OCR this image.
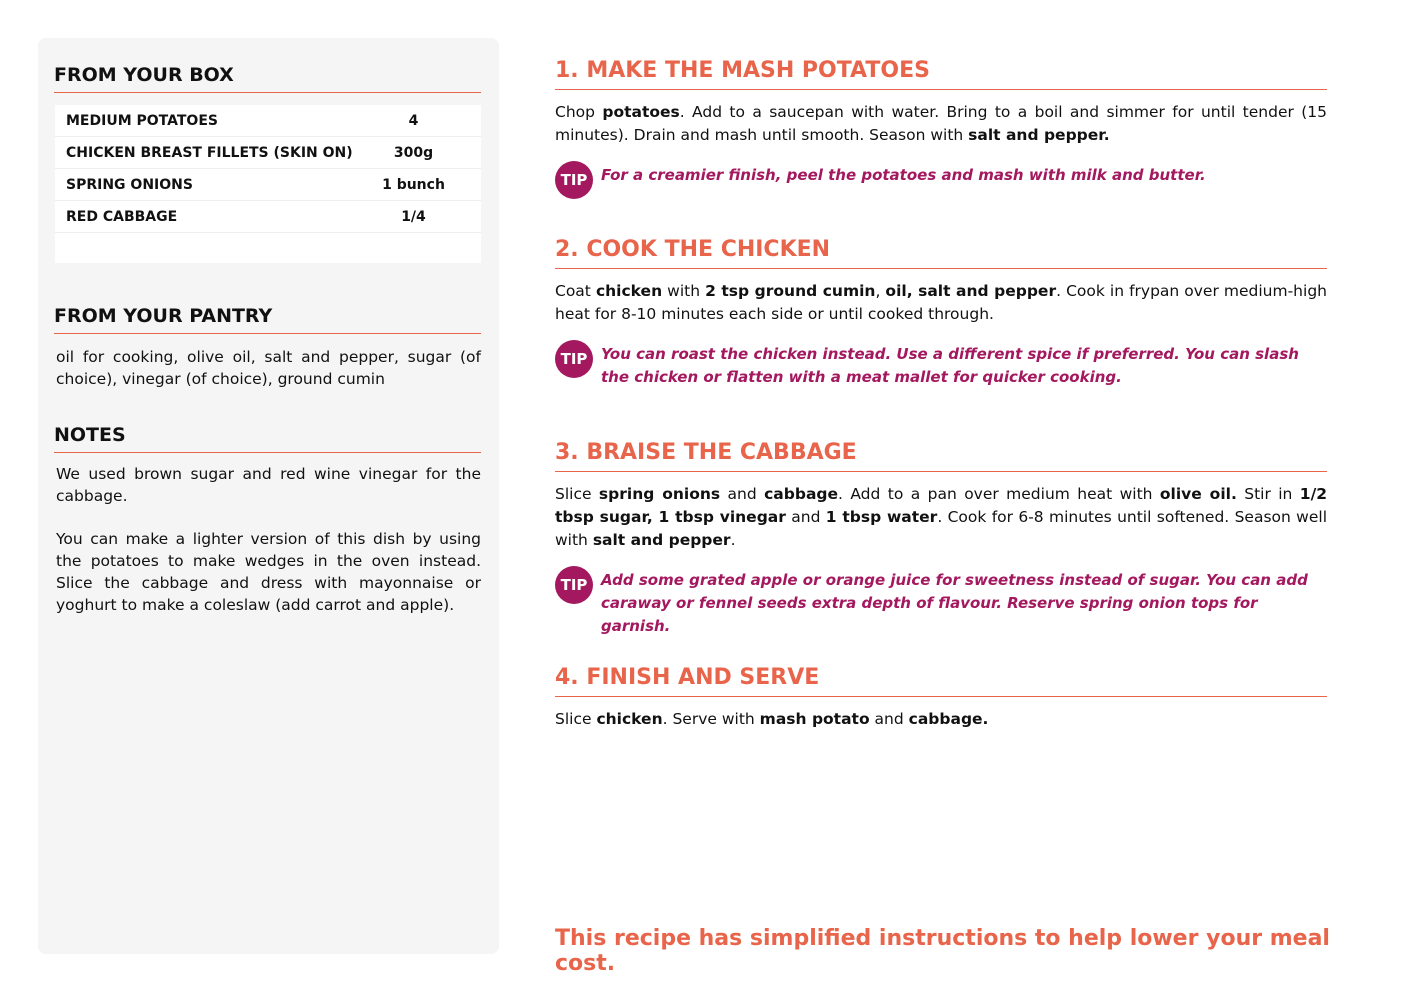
FROM YOUR BOX
MEDIUM POTATOES	4
CHICKEN BREAST FILLETS (SKIN ON)	300g
SPRING ONIONS	1 bunch
RED CABBAGE	1/4
FROM YOUR PANTRY

oil for cooking, olive oil, salt and pepper, sugar (of choice), vinegar (of choice), ground cumin

NOTES

We used brown sugar and red wine vinegar for the cabbage.

You can make a lighter version of this dish by using the potatoes to make wedges in the oven instead. Slice the cabbage and dress with mayonnaise or yoghurt to make a coleslaw (add carrot and apple).

1. MAKE THE MASH POTATOES

Chop potatoes. Add to a saucepan with water. Bring to a boil and simmer for until tender (15 minutes). Drain and mash until smooth. Season with salt and pepper.

TIP For a creamier finish, peel the potatoes and mash with milk and butter.
2. COOK THE CHICKEN

Coat chicken with 2 tsp ground cumin, oil, salt and pepper. Cook in frypan over medium-high heat for 8-10 minutes each side or until cooked through.

TIP You can roast the chicken instead. Use a different spice if preferred. You can slash the chicken or flatten with a meat mallet for quicker cooking.
3. BRAISE THE CABBAGE

Slice spring onions and cabbage. Add to a pan over medium heat with olive oil. Stir in 1/2 tbsp sugar, 1 tbsp vinegar and 1 tbsp water. Cook for 6-8 minutes until softened. Season well with salt and pepper.

TIP Add some grated apple or orange juice for sweetness instead of sugar. You can add caraway or fennel seeds extra depth of flavour. Reserve spring onion tops for garnish.
4. FINISH AND SERVE

Slice chicken. Serve with mash potato and cabbage.

This recipe has simplified instructions to help lower your meal cost.
